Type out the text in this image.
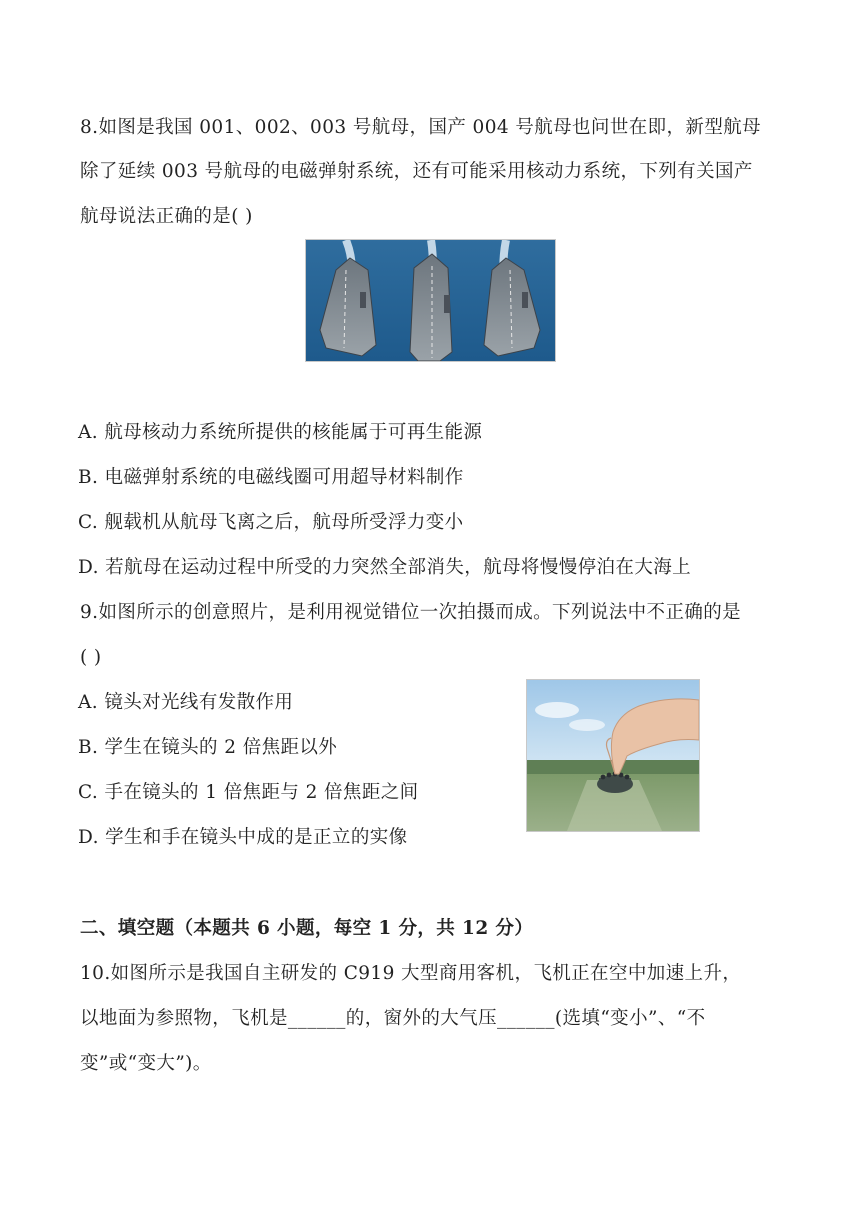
8.如图是我国 001、002、003 号航母，国产 004 号航母也问世在即，新型航母
除了延续 003 号航母的电磁弹射系统，还有可能采用核动力系统，下列有关国产
航母说法正确的是( )
A. 航母核动力系统所提供的核能属于可再生能源
B. 电磁弹射系统的电磁线圈可用超导材料制作
C. 舰载机从航母飞离之后，航母所受浮力变小
D. 若航母在运动过程中所受的力突然全部消失，航母将慢慢停泊在大海上
9.如图所示的创意照片，是利用视觉错位一次拍摄而成。下列说法中不正确的是
( )
A. 镜头对光线有发散作用
B. 学生在镜头的 2 倍焦距以外
C. 手在镜头的 1 倍焦距与 2 倍焦距之间
D. 学生和手在镜头中成的是正立的实像
二、填空题（本题共 6 小题，每空 1 分，共 12 分）
10.如图所示是我国自主研发的 C919 大型商用客机，飞机正在空中加速上升，
以地面为参照物，飞机是______的，窗外的大气压______(选填“变小”、“不
变”或“变大”)。
